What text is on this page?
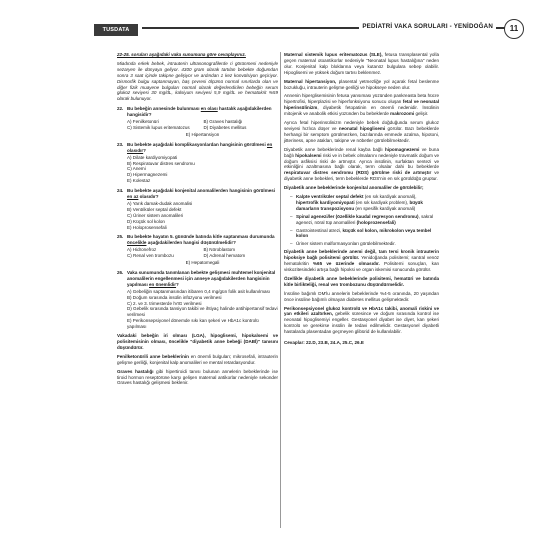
TUSDATA	PEDİATRİ VAKA SORULARI - YENİDOĞAN	11

22-25. soruları aşağıdaki vaka sunumuna göre cevaplayınız.

Miadında erkek bebek, intrauterin ultrasonografilerde ri görünmesi nedeniyle sezaryen ile dünyaya geliyor. 4300 gram olarak tartılan bebekte doğumdan sonra 3 saat içinde takipne gelişiyor ve ardından 1 kez konvülsiyon geçiriyor. Dismorfik bulgu saptanmayan, baş çevresi ölçümü normal sınırlarda olan ve diğer fizik muayene bulguları normal olarak değerlendirilen bebeğin serum glukoz seviyesi 30 mg/dL, kalsiyum seviyesi 5,9 mg/dL ve hematokrit %59 olarak bulunuyor.

22. Bu bebeğin annesinde bulunması en olası hastalık aşağıdakilerden hangisidir?
A) Fenilketonüri	B) Graves hastalığı
C) Sistemik lupus eritematozus	D) Diyabetes mellitus
E) Hipertansiyon
23. Bu bebekte aşağıdaki komplikasyonlardan hangisinin görülmesi en olasıdır?
A) Dilate kardiyomiyopati
B) Respiratuvar distres sendromu
C) Anemi
D) Hipermagnezemi
E) Kolestaz
24. Bu bebekte aşağıdaki konjenital anomalilerden hangisinin görülmesi en az olasıdır?
A) Yarık damak-dudak anomalisi
B) Ventriküler septal defekt
C) Üriner sistem anomalileri
D) Küçük sol kolon
E) Holoprosensefali
25. Bu bebekte hayatın 5. gününde batında kitle saptanması durumunda öncelikle aşağıdakilerden hangisi düşünülmelidir?
A) Hidronefroz	B) Nöroblastom
C) Renal ven trombozu	D) Adrenal hematom
E) Hepatomegali
26. Vaka sunumunda tanımlanan bebekte gelişmesi muhtemel konjenital anomalilerin engellenmesi için anneye aşağıdakilerden hangisinin yapılması en önemlidir?
A) Gebeliğin saptanmasından itibaren 0,4 mg/gün folik asit kullanılması
B) Doğum sırasında insülin infüzyonu verilmesi
C) 2. ve 3. trimesterde İVIG verilmesi
D) Gebelik sırasında tansiyon takibi ve ihtiyaç halinde antihipertansif tedavi verilmesi
E) Perikonsepsiyonel dönemde sıkı kan şekeri ve HbA1c kontrolü yapılması

Vakadaki bebeğin iri olması (LGA), hipoglisemi, hipokalsemi ve polisitemisinin olması, öncelikle "diyabetik anne bebeği (DABİ)" tanısını düşündürür.

Fenilketonürili anne bebeklerinin en önemli bulguları; mikrosefali, intrauterin gelişme geriliği, konjenital kalp anomalileri ve mental retardasyondur.

Graves hastalığı gibi hipertiroidi tanısı bulunan annelerin bebeklerinde ise tiroid hormon reseptörüne karşı gelişen maternal antikorlar nedeniyle sekonder Graves hastalığı gelişmesi beklenir.

Maternal sistemik lupus eritematozus (SLE), fetusa transplasental yolla geçen maternal otoantikorlar nedeniyle "Neonatal lupus hastalığına" neden olur. Konjenital kalp bloklarına veya kutanöz bulgulara sebep olabilir. Hipoglisemi ve yüksek doğum tartısı beklenmez.

Maternal hipertansiyon, plasental yetmezliğe yol açarak fetal beslenme bozukluğu, intrauterin gelişme geriliği ve hipokseye neden olur.

Annenin hiperglisemisinin fetusa yansıması yüzünden pankreasta beta hücre hipertrofisi, hiperplazisi ve hiperfonksiyonu sonucu oluşan fetal ve neonatal hiperinsülinizm, diyabetik fetopatinin en önemli nedenidir. İnsülinin mitojenik ve anabolik etkisi yüzünden bu bebeklerde makrozomi gelişir.

Ayrıca fetal hiperinsülinizm nedeniyle bebek doğduğunda serum glukoz seviyesi hızlıca düşer ve neonatal hipoglisemi görülür. Bazı bebeklerde herhangi bir semptom görülmezken, bazılarında emmede azalma, hipotoni, jitteriness, apne atakları, takipne ve nöbetler görülebilmektedir.

Diyabetik anne bebeklerinde renal kayba bağlı hipomagnezemi ve buna bağlı hipokalsemi riski ve in bebek olmalarını nedeniyle travmatik doğum ve doğum asfiksisi riski de artmıştır. Ayrıca insülinin, surfaktan sentezi ve etkinliğini azaltmasına bağlı olarak, term olsalar dahi bu bebeklerde respiratuvar distres sendromu (RDS) görülme riski de artmıştır ve diyabetik anne bebekleri, term bebeklerde RDS'nin en sık görüldüğü gruptur.

Diyabetik anne bebeklerinde konjenital anomaliler de görülebilir;

– Kalpte ventriküler septal defekt (en sık kardiyak anomali), hipertrofik kardiyomiyopati (en sık kardiyak problem), büyük damarların transpozisyonu (en spesifik kardiyak anomali)
– Spinal agenezi/ler (özellikle kaudal regresyon sendromu), sakral agenezi, nöral tüp anomalileri (holoprozensefali)
– Gastrointestinal atrezi, küçük sol kolon, mikrokolon veya tembel kolon
– Üriner sistem malformasyonları görülebilmektedir.

Diyabetik anne bebeklerinde anemi değil, tam tersi kronik intrauterin hipoksiye bağlı polisitemi görülür. Yenidoğanda polisitemi; santral venöz hematokritin %65 ve üzerinde olmasıdır. Polisitemi sonuçları, kan viskozitesindeki artışa bağlı hipoksi ve organ iskemisi sonucunda görülür.

Özellikle diyabetik anne bebeklerinde polisitemi, hematüri ve batında kitle birlikteliği, renal ven trombozunu düşündürmelidir.

İnsüline bağımlı DM'lu annelerin bebeklerinde %4-5 oranında, 20 yaşından önce insüline bağımlı olmayan diabetes mellitus gelişmektedir.

Perikonsepsiyonel glukoz kontrolü ve HbA1c takibi, anomali riskini ve yan etkileri azaltırken, gebelik süresince ve doğum sırasında kontrol ise neonatal hipoglisemiyi engeller. Gestasyonel diyabet ise diyet, kan şekeri kontrolü ve gerekirse insülin ile tedavi edilmelidir. Gestasyonel diyabetli hastalarda plasentadan geçmeyen glibürid de kullanılabilir.

Cevaplar: 22.D, 23.B, 24.A, 25.C, 26.E
